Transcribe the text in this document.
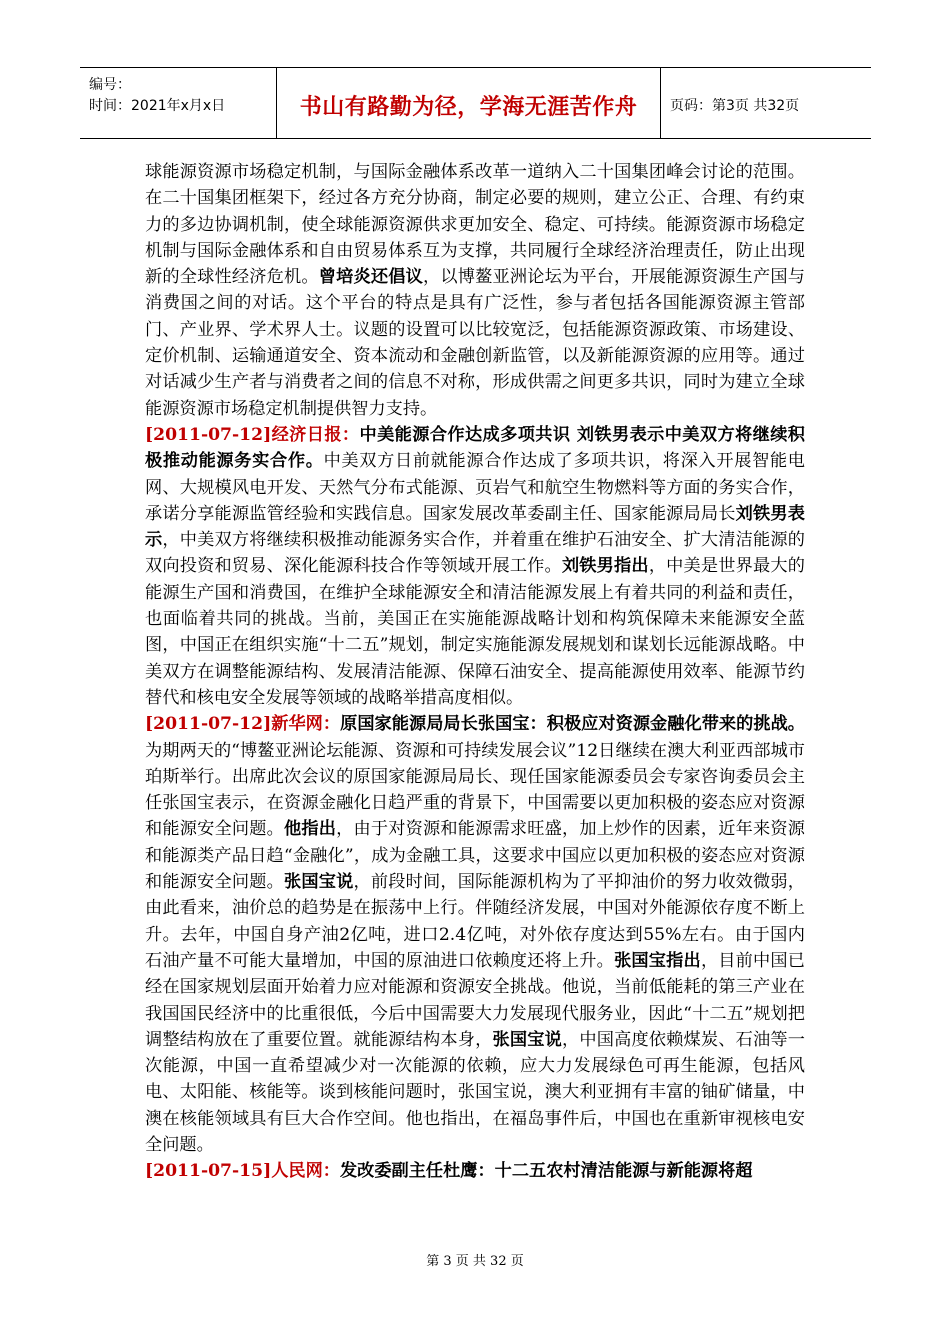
编号：
时间：2021年x月x日	书山有路勤为径，学海无涯苦作舟	页码：第3页 共32页

球能源资源市场稳定机制，与国际金融体系改革一道纳入二十国集团峰会讨论的范围。在二十国集团框架下，经过各方充分协商，制定必要的规则，建立公正、合理、有约束力的多边协调机制，使全球能源资源供求更加安全、稳定、可持续。能源资源市场稳定机制与国际金融体系和自由贸易体系互为支撑，共同履行全球经济治理责任，防止出现新的全球性经济危机。曾培炎还倡议，以博鳌亚洲论坛为平台，开展能源资源生产国与消费国之间的对话。这个平台的特点是具有广泛性，参与者包括各国能源资源主管部门、产业界、学术界人士。议题的设置可以比较宽泛，包括能源资源政策、市场建设、定价机制、运输通道安全、资本流动和金融创新监管，以及新能源资源的应用等。通过对话减少生产者与消费者之间的信息不对称，形成供需之间更多共识，同时为建立全球能源资源市场稳定机制提供智力支持。

[2011-07-12]经济日报：中美能源合作达成多项共识 刘铁男表示中美双方将继续积极推动能源务实合作。中美双方日前就能源合作达成了多项共识，将深入开展智能电网、大规模风电开发、天然气分布式能源、页岩气和航空生物燃料等方面的务实合作，承诺分享能源监管经验和实践信息。国家发展改革委副主任、国家能源局局长刘铁男表示，中美双方将继续积极推动能源务实合作，并着重在维护石油安全、扩大清洁能源的双向投资和贸易、深化能源科技合作等领域开展工作。刘铁男指出，中美是世界最大的能源生产国和消费国，在维护全球能源安全和清洁能源发展上有着共同的利益和责任，也面临着共同的挑战。当前，美国正在实施能源战略计划和构筑保障未来能源安全蓝图，中国正在组织实施“十二五”规划，制定实施能源发展规划和谋划长远能源战略。中美双方在调整能源结构、发展清洁能源、保障石油安全、提高能源使用效率、能源节约替代和核电安全发展等领域的战略举措高度相似。

[2011-07-12]新华网：原国家能源局局长张国宝：积极应对资源金融化带来的挑战。为期两天的“博鳌亚洲论坛能源、资源和可持续发展会议”12日继续在澳大利亚西部城市珀斯举行。出席此次会议的原国家能源局局长、现任国家能源委员会专家咨询委员会主任张国宝表示，在资源金融化日趋严重的背景下，中国需要以更加积极的姿态应对资源和能源安全问题。他指出，由于对资源和能源需求旺盛，加上炒作的因素，近年来资源和能源类产品日趋“金融化”，成为金融工具，这要求中国应以更加积极的姿态应对资源和能源安全问题。张国宝说，前段时间，国际能源机构为了平抑油价的努力收效微弱，由此看来，油价总的趋势是在振荡中上行。伴随经济发展，中国对外能源依存度不断上升。去年，中国自身产油2亿吨，进口2.4亿吨，对外依存度达到55%左右。由于国内石油产量不可能大量增加，中国的原油进口依赖度还将上升。张国宝指出，目前中国已经在国家规划层面开始着力应对能源和资源安全挑战。他说，当前低能耗的第三产业在我国国民经济中的比重很低，今后中国需要大力发展现代服务业，因此“十二五”规划把调整结构放在了重要位置。就能源结构本身，张国宝说，中国高度依赖煤炭、石油等一次能源，中国一直希望减少对一次能源的依赖，应大力发展绿色可再生能源，包括风电、太阳能、核能等。谈到核能问题时，张国宝说，澳大利亚拥有丰富的铀矿储量，中澳在核能领域具有巨大合作空间。他也指出，在福岛事件后，中国也在重新审视核电安全问题。

[2011-07-15]人民网：发改委副主任杜鹰：十二五农村清洁能源与新能源将超

第 3 页 共 32 页
